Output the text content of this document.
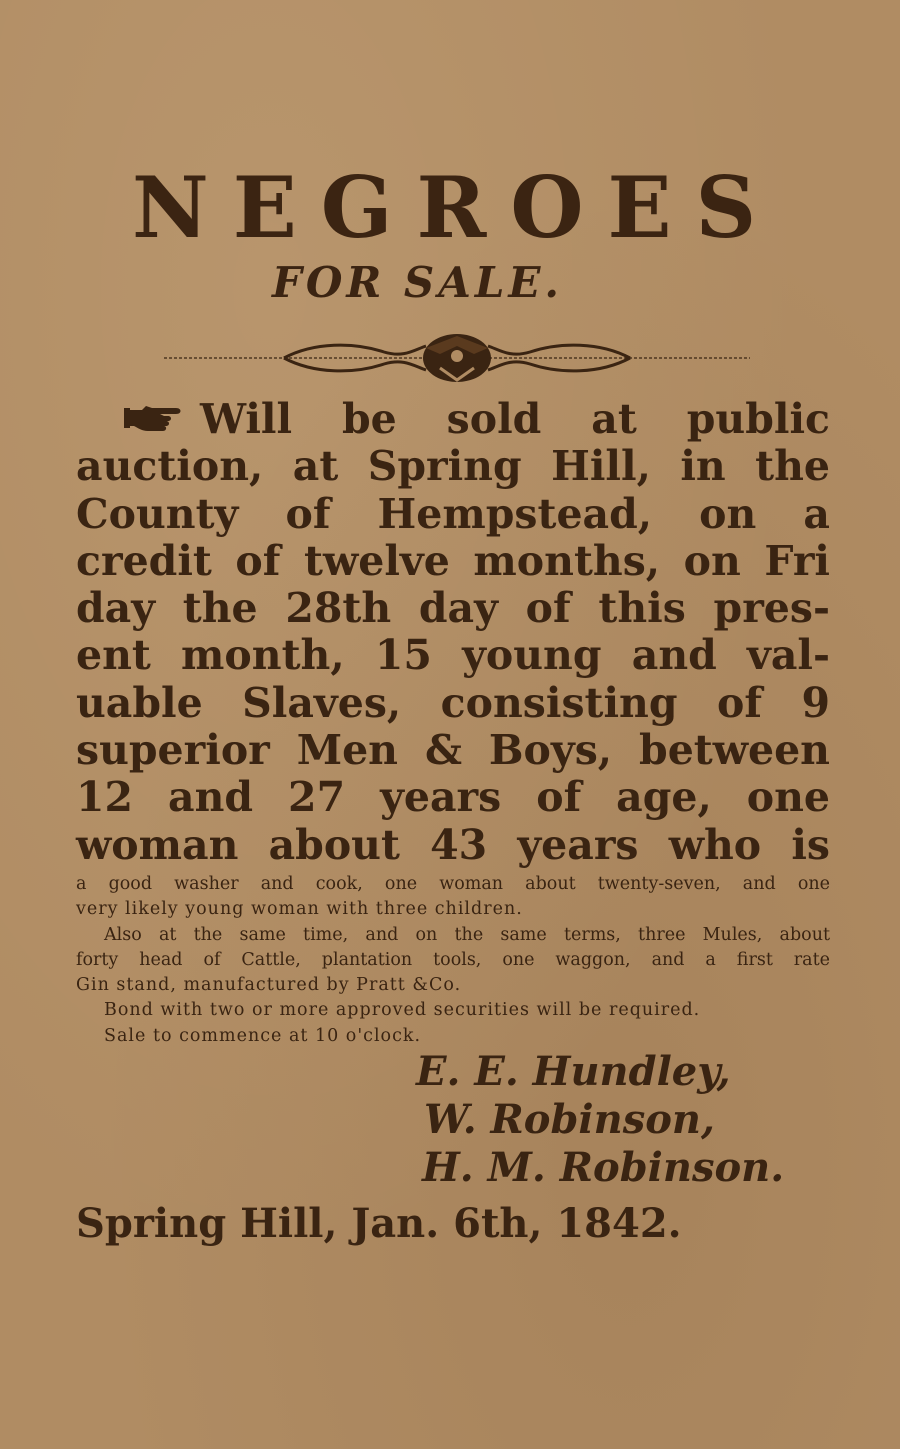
NEGROES
FOR SALE.
Will be sold at public
auction, at Spring Hill, in the
County of Hempstead, on a
credit of twelve months, on Fri
day the 28th day of this pres-
ent month, 15 young and val-
uable Slaves, consisting of 9
superior Men & Boys, between
12 and 27 years of age, one
woman about 43 years who is
a good washer and cook, one woman about twenty-seven, and one
very likely young woman with three children.
Also at the same time, and on the same terms, three Mules, about
forty head of Cattle, plantation tools, one waggon, and a first rate
Gin stand, manufactured by Pratt &Co.
Bond with two or more approved securities will be required.
Sale to commence at 10 o'clock.
E. E. Hundley,
W. Robinson,
H. M. Robinson.
Spring Hill, Jan. 6th, 1842.
